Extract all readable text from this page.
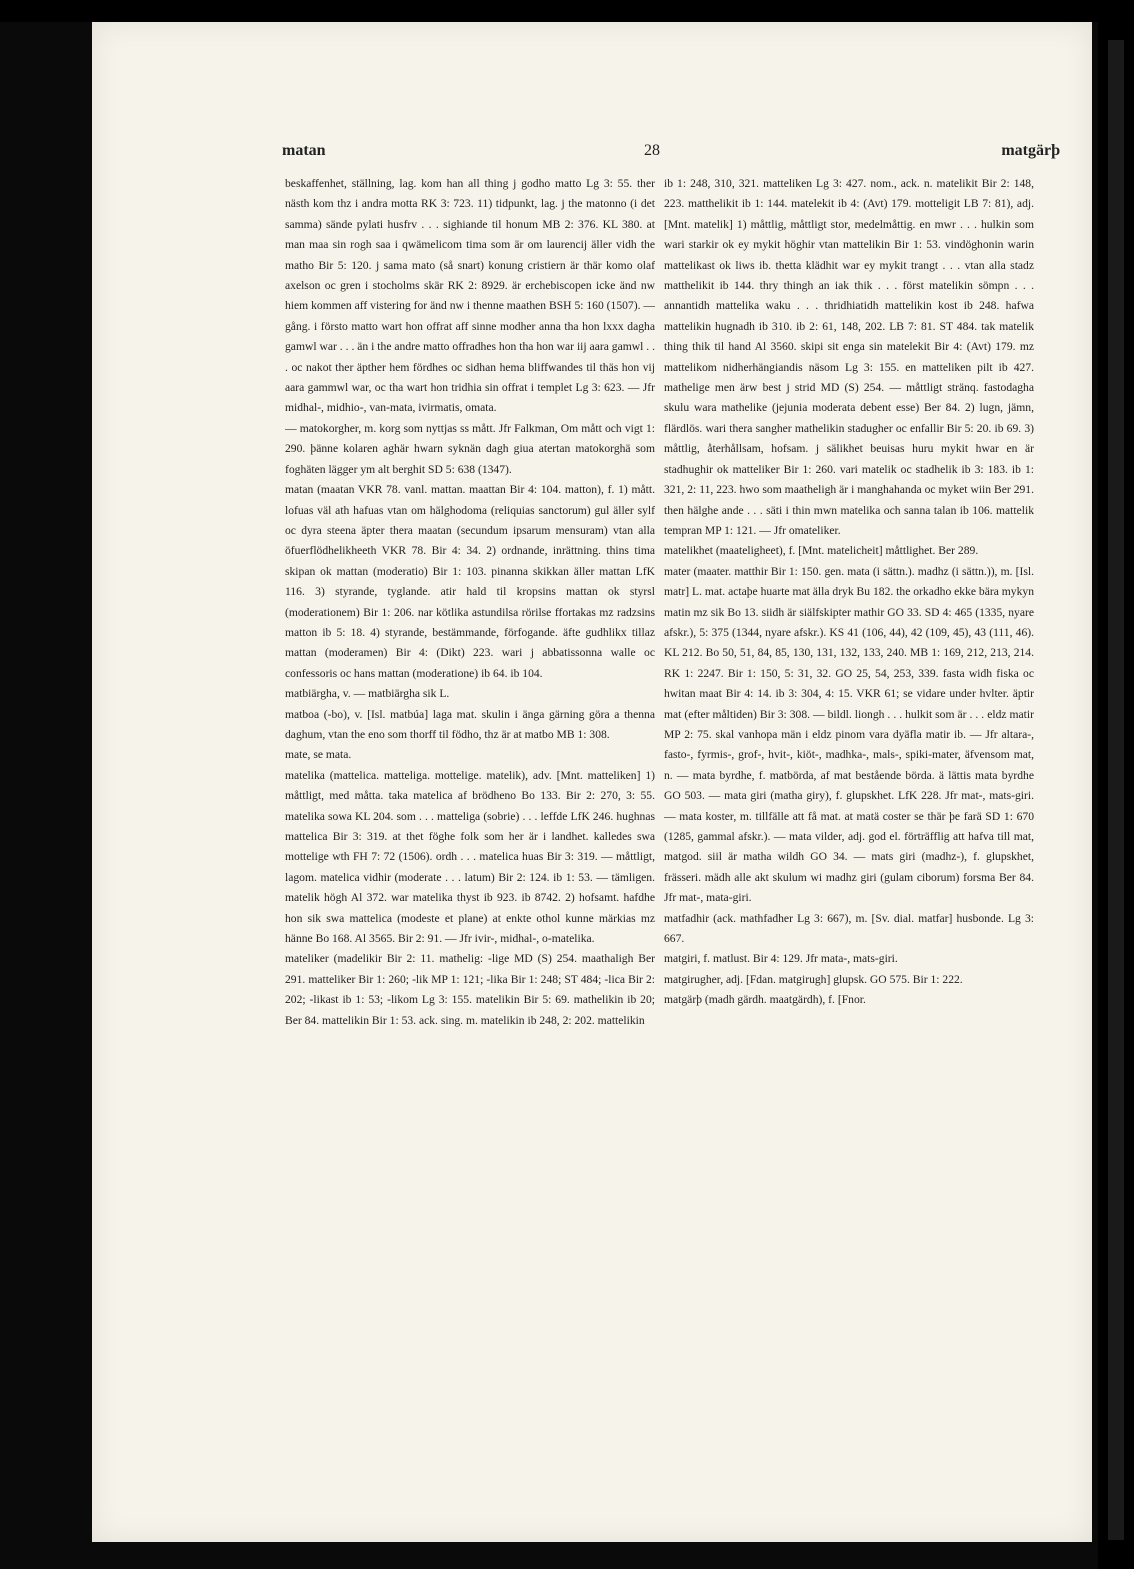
matan	28	matgärþ

beskaffenhet, ställning, lag. kom han all thing j godho matto Lg 3: 55. ther nästh kom thz i andra motta RK 3: 723. 11) tidpunkt, lag. j the matonno (i det samma) sände pylati husfrv . . . sighiande til honum MB 2: 376. KL 380. at man maa sin rogh saa i qwämelicom tima som är om laurencij äller vidh the matho Bir 5: 120. j sama mato (så snart) konung cristiern är thär komo olaf axelson oc gren i stocholms skär RK 2: 8929. är erchebiscopen icke änd nw hiem kommen aff vistering for änd nw i thenne maathen BSH 5: 160 (1507). — gång. i försto matto wart hon offrat aff sinne modher anna tha hon lxxx dagha gamwl war . . . än i the andre matto offradhes hon tha hon war iij aara gamwl . . . oc nakot ther äpther hem fördhes oc sidhan hema bliffwandes til thäs hon vij aara gammwl war, oc tha wart hon tridhia sin offrat i templet Lg 3: 623. — Jfr midhal-, midhio-, van-mata, ivirmatis, omata.

— matokorgher, m. korg som nyttjas ss mått. Jfr Falkman, Om mått och vigt 1: 290. þänne kolaren aghär hwarn syknän dagh giua atertan matokorghä som foghäten lägger ym alt berghit SD 5: 638 (1347).

matan (maatan VKR 78. vanl. mattan. maattan Bir 4: 104. matton), f. 1) mått. lofuas väl ath hafuas vtan om hälghodoma (reliquias sanctorum) gul äller sylf oc dyra steena äpter thera maatan (secundum ipsarum mensuram) vtan alla öfuerflödhelikheeth VKR 78. Bir 4: 34. 2) ordnande, inrättning. thins tima skipan ok mattan (moderatio) Bir 1: 103. pinanna skikkan äller mattan LfK 116. 3) styrande, tyglande. atir hald til kropsins mattan ok styrsl (moderationem) Bir 1: 206. nar kötlika astundilsa rörilse ffortakas mz radzsins matton ib 5: 18. 4) styrande, bestämmande, förfogande. äfte gudhlikx tillaz mattan (moderamen) Bir 4: (Dikt) 223. wari j abbatissonna walle oc confessoris oc hans mattan (moderatione) ib 64. ib 104.

matbiärgha, v. — matbiärgha sik L.

matboa (-bo), v. [Isl. matbúa] laga mat. skulin i änga gärning göra a thenna daghum, vtan the eno som thorff til födho, thz är at matbo MB 1: 308.

mate, se mata.

matelika (mattelica. matteliga. mottelige. matelik), adv. [Mnt. matteliken] 1) måttligt, med måtta. taka matelica af brödheno Bo 133. Bir 2: 270, 3: 55. matelika sowa KL 204. som . . . matteliga (sobrie) . . . leffde LfK 246. hughnas mattelica Bir 3: 319. at thet föghe folk som her är i landhet. kalledes swa mottelige wth FH 7: 72 (1506). ordh . . . matelica huas Bir 3: 319. — måttligt, lagom. matelica vidhir (moderate . . . latum) Bir 2: 124. ib 1: 53. — tämligen. matelik högh Al 372. war matelika thyst ib 923. ib 8742. 2) hofsamt. hafdhe hon sik swa mattelica (modeste et plane) at enkte othol kunne märkias mz hänne Bo 168. Al 3565. Bir 2: 91. — Jfr ivir-, midhal-, o-matelika.

mateliker (madelikir Bir 2: 11. mathelig: -lige MD (S) 254. maathaligh Ber 291. matteliker Bir 1: 260; -lik MP 1: 121; -lika Bir 1: 248; ST 484; -lica Bir 2: 202; -likast ib 1: 53; -likom Lg 3: 155. matelikin Bir 5: 69. mathelikin ib 20; Ber 84. mattelikin Bir 1: 53. ack. sing. m. matelikin ib 248, 2: 202. mattelikin

ib 1: 248, 310, 321. matteliken Lg 3: 427. nom., ack. n. matelikit Bir 2: 148, 223. matthelikit ib 1: 144. matelekit ib 4: (Avt) 179. motteligit LB 7: 81), adj. [Mnt. matelik] 1) måttlig, måttligt stor, medelmåttig. en mwr . . . hulkin som wari starkir ok ey mykit höghir vtan mattelikin Bir 1: 53. vindöghonin warin mattelikast ok liws ib. thetta klädhit war ey mykit trangt . . . vtan alla stadz matthelikit ib 144. thry thingh an iak thik . . . först matelikin sömpn . . . annantidh mattelika waku . . . thridhiatidh mattelikin kost ib 248. hafwa mattelikin hugnadh ib 310. ib 2: 61, 148, 202. LB 7: 81. ST 484. tak matelik thing thik til hand Al 3560. skipi sit enga sin matelekit Bir 4: (Avt) 179. mz mattelikom nidherhängiandis näsom Lg 3: 155. en matteliken pilt ib 427. mathelige men ärw best j strid MD (S) 254. — måttligt stränq. fastodagha skulu wara mathelike (jejunia moderata debent esse) Ber 84. 2) lugn, jämn, flärdlös. wari thera sangher mathelikin stadugher oc enfallir Bir 5: 20. ib 69. 3) måttlig, återhållsam, hofsam. j sälikhet beuisas huru mykit hwar en är stadhughir ok matteliker Bir 1: 260. vari matelik oc stadhelik ib 3: 183. ib 1: 321, 2: 11, 223. hwo som maatheligh är i manghahanda oc myket wiin Ber 291. then hälghe ande . . . säti i thin mwn matelika och sanna talan ib 106. mattelik tempran MP 1: 121. — Jfr omateliker.

matelikhet (maateligheet), f. [Mnt. matelicheit] måttlighet. Ber 289.

mater (maater. matthir Bir 1: 150. gen. mata (i sättn.). madhz (i sättn.)), m. [Isl. matr] L. mat. actaþe huarte mat älla dryk Bu 182. the orkadho ekke bära mykyn matin mz sik Bo 13. siidh är siälfskipter mathir GO 33. SD 4: 465 (1335, nyare afskr.), 5: 375 (1344, nyare afskr.). KS 41 (106, 44), 42 (109, 45), 43 (111, 46). KL 212. Bo 50, 51, 84, 85, 130, 131, 132, 133, 240. MB 1: 169, 212, 213, 214. RK 1: 2247. Bir 1: 150, 5: 31, 32. GO 25, 54, 253, 339. fasta widh fiska oc hwitan maat Bir 4: 14. ib 3: 304, 4: 15. VKR 61; se vidare under hvlter. äptir mat (efter måltiden) Bir 3: 308. — bildl. liongh . . . hulkit som är . . . eldz matir MP 2: 75. skal vanhopa män i eldz pinom vara dyäfla matir ib. — Jfr altara-, fasto-, fyrmis-, grof-, hvit-, kiöt-, madhka-, mals-, spiki-mater, äfvensom mat, n. — mata byrdhe, f. matbörda, af mat bestående börda. ä lättis mata byrdhe GO 503. — mata giri (matha giry), f. glupskhet. LfK 228. Jfr mat-, mats-giri. — mata koster, m. tillfälle att få mat. at matä coster se thär þe farä SD 1: 670 (1285, gammal afskr.). — mata vilder, adj. god el. förträfflig att hafva till mat, matgod. siil är matha wildh GO 34. — mats giri (madhz-), f. glupskhet, frässeri. mädh alle akt skulum wi madhz giri (gulam ciborum) forsma Ber 84. Jfr mat-, mata-giri.

matfadhir (ack. mathfadher Lg 3: 667), m. [Sv. dial. matfar] husbonde. Lg 3: 667.

matgiri, f. matlust. Bir 4: 129. Jfr mata-, mats-giri.

matgirugher, adj. [Fdan. matgirugh] glupsk. GO 575. Bir 1: 222.

matgärþ (madh gärdh. maatgärdh), f. [Fnor.
